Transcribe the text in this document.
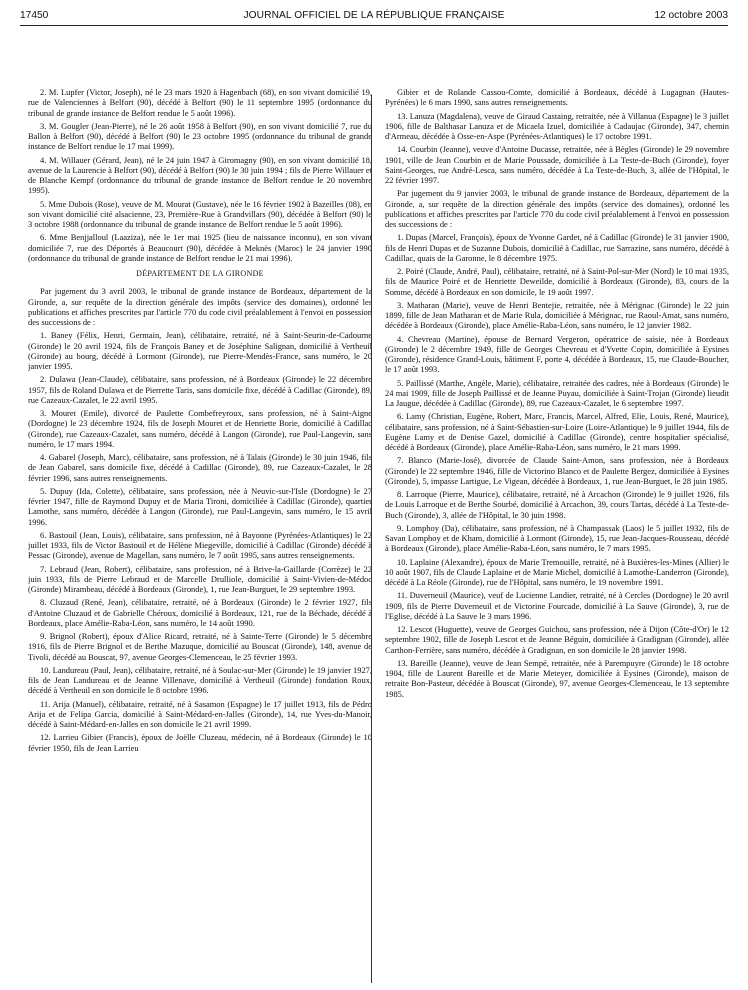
17450	JOURNAL OFFICIEL DE LA RÉPUBLIQUE FRANÇAISE	12 octobre 2003

2. M. Lupfer (Victor, Joseph), né le 23 mars 1920 à Hagenbach (68), en son vivant domicilié 19, rue de Valenciennes à Belfort (90), décédé à Belfort (90) le 11 septembre 1995 (ordonnance du tribunal de grande instance de Belfort rendue le 5 août 1996).

3. M. Gougler (Jean-Pierre), né le 26 août 1958 à Belfort (90), en son vivant domicilié 7, rue du Ballon à Belfort (90), décédé à Belfort (90) le 23 octobre 1995 (ordonnance du tribunal de grande instance de Belfort rendue le 17 mai 1999).

4. M. Willauer (Gérard, Jean), né le 24 juin 1947 à Giromagny (90), en son vivant domicilié 18, avenue de la Laurencie à Belfort (90), décédé à Belfort (90) le 30 juin 1994 ; fils de Pierre Willauer et de Blanche Kempf (ordonnance du tribunal de grande instance de Belfort rendue le 20 novembre 1995).

5. Mme Dubois (Rose), veuve de M. Mourat (Gustave), née le 16 février 1902 à Bazeilles (08), en son vivant domicilié cité alsacienne, 23, Première-Rue à Grandvillars (90), décédée à Belfort (90) le 3 octobre 1988 (ordonnance du tribunal de grande instance de Belfort rendue le 5 août 1996).

6. Mme Benjjalloul (Laaziza), née le 1er mai 1925 (lieu de naissance inconnu), en son vivant domiciliée 7, rue des Déportés à Beaucourt (90), décédée à Meknès (Maroc) le 24 janvier 1990 (ordonnance du tribunal de grande instance de Belfort rendue le 21 mai 1996).

DÉPARTEMENT DE LA GIRONDE

Par jugement du 3 avril 2003, le tribunal de grande instance de Bordeaux, département de la Gironde, a, sur requête de la direction générale des impôts (service des domaines), ordonné les publications et affiches prescrites par l'article 770 du code civil préalablement à l'envoi en possession des successions de :

1. Baney (Félix, Henri, Germain, Jean), célibataire, retraité, né à Saint-Seurin-de-Cadourne (Gironde) le 20 avril 1924, fils de François Baney et de Joséphine Salignan, domicilié à Vertheuil (Gironde) au bourg, décédé à Lormont (Gironde), rue Pierre-Mendès-France, sans numéro, le 20 janvier 1995.

2. Dulawa (Jean-Claude), célibataire, sans profession, né à Bordeaux (Gironde) le 22 décembre 1957, fils de Roland Dulawa et de Pierrette Taris, sans domicile fixe, décédé à Cadillac (Gironde), 89, rue Cazeaux-Cazalet, le 22 avril 1995.

3. Mouret (Emile), divorcé de Paulette Combefreyroux, sans profession, né à Saint-Aigne (Dordogne) le 23 décembre 1924, fils de Joseph Mouret et de Henriette Borie, domicilié à Cadillac (Gironde), rue Cazeaux-Cazalet, sans numéro, décédé à Langon (Gironde), rue Paul-Langevin, sans numéro, le 17 mars 1994.

4. Gabarel (Joseph, Marc), célibataire, sans profession, né à Talais (Gironde) le 30 juin 1946, fils de Jean Gabarel, sans domicile fixe, décédé à Cadillac (Gironde), 89, rue Cazeaux-Cazalet, le 28 février 1996, sans autres renseignements.

5. Dupuy (Ida, Colette), célibataire, sans profession, née à Neuvic-sur-l'Isle (Dordogne) le 27 février 1947, fille de Raymond Dupuy et de Maria Tironi, domiciliée à Cadillac (Gironde), quartier Lamothe, sans numéro, décédée à Langon (Gironde), rue Paul-Langevin, sans numéro, le 15 avril 1996.

6. Bastouil (Jean, Louis), célibataire, sans profession, né à Bayonne (Pyrénées-Atlantiques) le 22 juillet 1933, fils de Victor Bastouil et de Hélène Miegeville, domicilié à Cadillac (Gironde) décédé à Pessac (Gironde), avenue de Magellan, sans numéro, le 7 août 1995, sans autres renseignements.

7. Lebraud (Jean, Robert), célibataire, sans profession, né à Brive-la-Gaillarde (Corrèze) le 22 juin 1933, fils de Pierre Lebraud et de Marcelle Drulliole, domicilié à Saint-Vivien-de-Médoc (Gironde) Mirambeau, décédé à Bordeaux (Gironde), 1, rue Jean-Burguet, le 29 septembre 1993.

8. Cluzaud (René, Jean), célibataire, retraité, né à Bordeaux (Gironde) le 2 février 1927, fils d'Antoine Cluzaud et de Gabrielle Chéroux, domicilié à Bordeaux, 121, rue de la Béchade, décédé à Bordeaux, place Amélie-Raba-Léon, sans numéro, le 14 août 1990.

9. Brignol (Robert), époux d'Alice Ricard, retraité, né à Sainte-Terre (Gironde) le 5 décembre 1916, fils de Pierre Brignol et de Berthe Mazuque, domicilié au Bouscat (Gironde), 148, avenue de Tivoli, décédé au Bouscat, 97, avenue Georges-Clemenceau, le 25 février 1993.

10. Landureau (Paul, Jean), célibataire, retraité, né à Soulac-sur-Mer (Gironde) le 19 janvier 1927, fils de Jean Landureau et de Jeanne Villenave, domicilié à Vertheuil (Gironde) fondation Roux, décédé à Vertheuil en son domicile le 8 octobre 1996.

11. Arija (Manuel), célibataire, retraité, né à Sasamon (Espagne) le 17 juillet 1913, fils de Pédro Arija et de Felipa Garcia, domicilié à Saint-Médard-en-Jalles (Gironde), 14, rue Yves-du-Manoir, décédé à Saint-Médard-en-Jalles en son domicile le 21 avril 1999.

12. Larrieu Gibier (Francis), époux de Joëlle Cluzeau, médecin, né à Bordeaux (Gironde) le 10 février 1950, fils de Jean Larrieu

Gibier et de Rolande Cassou-Comte, domicilié à Bordeaux, décédé à Lugagnan (Hautes-Pyrénées) le 6 mars 1990, sans autres renseignements.

13. Lanuza (Magdalena), veuve de Giraud Castaing, retraitée, née à Villanua (Espagne) le 3 juillet 1906, fille de Balthasar Lanuza et de Micaela Izuel, domiciliée à Cadaujac (Gironde), 347, chemin d'Armeau, décédée à Osse-en-Aspe (Pyrénées-Atlantiques) le 17 octobre 1991.

14. Courbin (Jeanne), veuve d'Antoine Ducasse, retraitée, née à Bègles (Gironde) le 29 novembre 1901, ville de Jean Courbin et de Marie Poussade, domiciliée à La Teste-de-Buch (Gironde), foyer Saint-Georges, rue André-Lesca, sans numéro, décédée à La Teste-de-Buch, 3, allée de l'Hôpital, le 22 février 1997.

Par jugement du 9 janvier 2003, le tribunal de grande instance de Bordeaux, département de la Gironde, a, sur requête de la direction générale des impôts (service des domaines), ordonné les publications et affiches prescrites par l'article 770 du code civil préalablement à l'envoi en possession des successions de :

1. Dupas (Marcel, François), époux de Yvonne Gardet, né à Cadillac (Gironde) le 31 janvier 1900, fils de Henri Dupas et de Suzanne Dubois, domicilié à Cadillac, rue Sarrazine, sans numéro, décédé à Cadillac, quais de la Garonne, le 8 décembre 1975.

2. Poiré (Claude, André, Paul), célibataire, retraité, né à Saint-Pol-sur-Mer (Nord) le 10 mai 1935, fils de Maurice Poiré et de Henriette Deweilde, domicilié à Bordeaux (Gironde), 83, cours de la Somme, décédé à Bordeaux en son domicile, le 19 août 1997.

3. Matharan (Marie), veuve de Henri Bentejie, retraitée, née à Mérignac (Gironde) le 22 juin 1899, fille de Jean Matharan et de Marie Rula, domiciliée à Mérignac, rue Raoul-Amat, sans numéro, décédée à Bordeaux (Gironde), place Amélie-Raba-Léon, sans numéro, le 12 janvier 1982.

4. Chevreau (Martine), épouse de Bernard Vergeron, opératrice de saisie, née à Bordeaux (Gironde) le 2 décembre 1949, fille de Georges Chevreau et d'Yvette Copin, domiciliée à Eysines (Gironde), résidence Grand-Louis, bâtiment F, porte 4, décédée à Bordeaux, 15, rue Claude-Boucher, le 17 août 1993.

5. Paillissé (Marthe, Angèle, Marie), célibataire, retraitée des cadres, née à Bordeaux (Gironde) le 24 mai 1909, fille de Joseph Paillissé et de Jeanne Puyau, domiciliée à Saint-Trojan (Gironde) lieudit La Jaugue, décédée à Cadillac (Gironde), 89, rue Cazeaux-Cazalet, le 6 septembre 1997.

6. Lamy (Christian, Eugène, Robert, Marc, Francis, Marcel, Alfred, Elie, Louis, René, Maurice), célibataire, sans profession, né à Saint-Sébastien-sur-Loire (Loire-Atlantique) le 9 juillet 1944, fils de Eugène Lamy et de Denise Gazel, domicilié à Cadillac (Gironde), centre hospitalier spécialisé, décédé à Bordeaux (Gironde), place Amélie-Raba-Léon, sans numéro, le 21 mars 1999.

7. Blanco (Marie-José), divorcée de Claude Saint-Amon, sans profession, née à Bordeaux (Gironde) le 22 septembre 1946, fille de Victorino Blanco et de Paulette Bergez, domiciliée à Eysines (Gironde), 5, impasse Lartigue, Le Vigean, décédée à Bordeaux, 1, rue Jean-Burguet, le 28 juin 1985.

8. Larroque (Pierre, Maurice), célibataire, retraité, né à Arcachon (Gironde) le 9 juillet 1926, fils de Louis Larroque et de Berthe Sourbé, domicilié à Arcachon, 39, cours Tartas, décédé à La Teste-de-Buch (Gironde), 3, allée de l'Hôpital, le 30 juin 1998.

9. Lomphoy (Da), célibataire, sans profession, né à Champassak (Laos) le 5 juillet 1932, fils de Savan Lomphoy et de Kham, domicilié à Lormont (Gironde), 15, rue Jean-Jacques-Rousseau, décédé à Bordeaux (Gironde), place Amélie-Raba-Léon, sans numéro, le 7 mars 1995.

10. Laplaine (Alexandre), époux de Marie Tremouille, retraité, né à Buxières-les-Mines (Allier) le 10 août 1907, fils de Claude Laplaine et de Marie Michel, domicilié à Lamothe-Landerron (Gironde), décédé à La Réole (Gironde), rue de l'Hôpital, sans numéro, le 19 novembre 1991.

11. Duverneuil (Maurice), veuf de Lucienne Landier, retraité, né à Cercles (Dordogne) le 20 avril 1909, fils de Pierre Duverneuil et de Victorine Fourcade, domicilié à La Sauve (Gironde), 3, rue de l'Eglise, décédé à La Sauve le 3 mars 1996.

12. Lescot (Huguette), veuve de Georges Guichou, sans profession, née à Dijon (Côte-d'Or) le 12 septembre 1902, fille de Joseph Lescot et de Jeanne Béguin, domiciliée à Gradignan (Gironde), allée Carthon-Ferrière, sans numéro, décédée à Gradignan, en son domicile le 28 janvier 1998.

13. Bareille (Jeanne), veuve de Jean Sempé, retraitée, née à Parempuyre (Gironde) le 18 octobre 1904, fille de Laurent Bareille et de Marie Meteyer, domiciliée à Eysines (Gironde), maison de retraite Bon-Pasteur, décédée à Bouscat (Gironde), 97, avenue Georges-Clemenceau, le 13 septembre 1985.
